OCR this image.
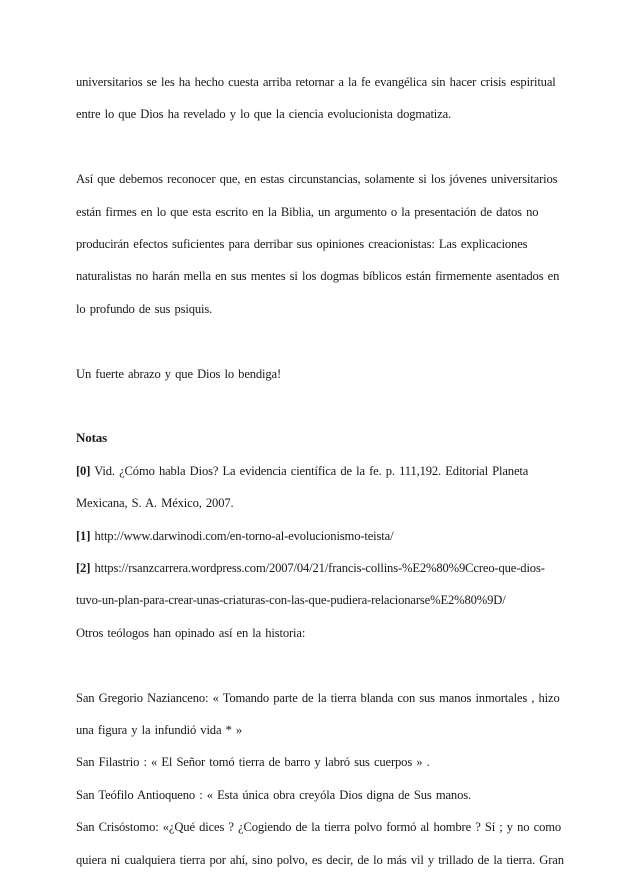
universitarios se les ha hecho cuesta arriba retornar a la fe evangélica sin hacer crisis espiritual
entre lo que Dios ha revelado y lo que la ciencia evolucionista dogmatiza.
Así que debemos reconocer que, en estas circunstancias, solamente si los jóvenes universitarios
están firmes en lo que esta escrito en la Biblia, un argumento o la presentación de datos no
producirán efectos suficientes para derribar sus opiniones creacionistas: Las explicaciones
naturalistas no harán mella en sus mentes si los dogmas bíblicos están firmemente asentados en
lo profundo de sus psiquis.
Un fuerte abrazo y que Dios lo bendiga!
Notas
[0] Vid. ¿Cómo habla Dios? La evidencia científica de la fe. p. 111,192. Editorial Planeta
Mexicana, S. A. México, 2007.
[1] http://www.darwinodi.com/en-torno-al-evolucionismo-teista/
[2] https://rsanzcarrera.wordpress.com/2007/04/21/francis-collins-%E2%80%9Ccreo-que-dios-
tuvo-un-plan-para-crear-unas-criaturas-con-las-que-pudiera-relacionarse%E2%80%9D/
Otros teólogos han opinado así en la historia:
San Gregorio Nazianceno: « Tomando parte de la tierra blanda con sus manos inmortales , hizo
una figura y la infundió vida * »
San Filastrio : « El Señor tomó tierra de barro y labró sus cuerpos » .
San Teófilo Antioqueno : « Esta única obra creyóla Dios digna de Sus manos.
San Crisóstomo: «¿Qué dices ? ¿Cogiendo de la tierra polvo formó al hombre ? Sí ; y no como
quiera ni cualquiera tierra por ahí, sino polvo, es decir, de lo más vil y trillado de la tierra. Gran
